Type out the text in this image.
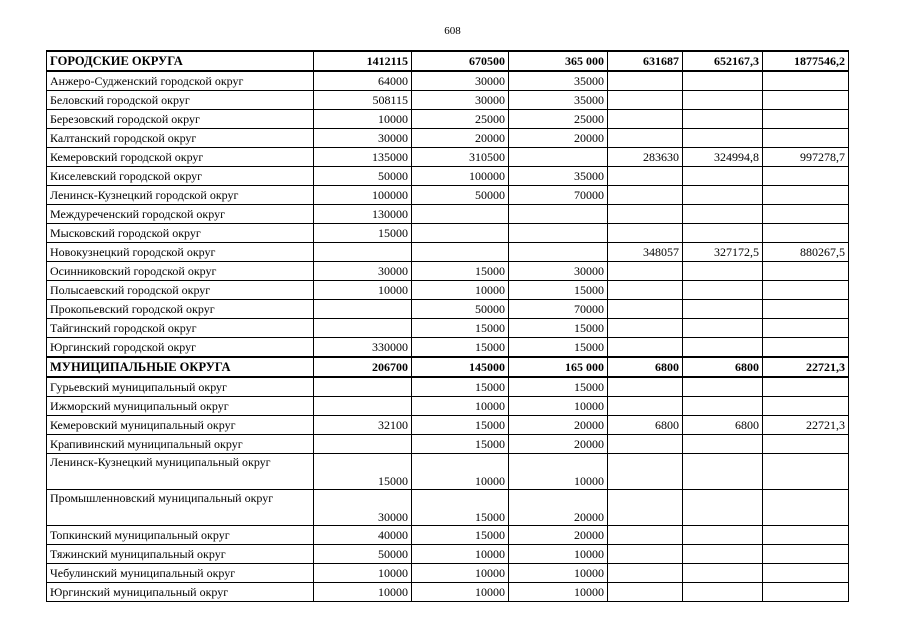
608
ГОРОДСКИЕ ОКРУГА	1412115	670500	365 000	631687	652167,3	1877546,2
Анжеро-Судженский городской округ	64000	30000	35000			
Беловский городской округ	508115	30000	35000			
Березовский городской округ	10000	25000	25000			
Калтанский городской округ	30000	20000	20000			
Кемеровский городской округ	135000	310500		283630	324994,8	997278,7
Киселевский городской округ	50000	100000	35000			
Ленинск-Кузнецкий городской округ	100000	50000	70000			
Междуреченский городской округ	130000					
Мысковский городской округ	15000					
Новокузнецкий городской округ				348057	327172,5	880267,5
Осинниковский городской округ	30000	15000	30000			
Полысаевский городской округ	10000	10000	15000			
Прокопьевский городской округ		50000	70000			
Тайгинский городской округ		15000	15000			
Юргинский городской округ	330000	15000	15000			
МУНИЦИПАЛЬНЫЕ ОКРУГА	206700	145000	165 000	6800	6800	22721,3
Гурьевский муниципальный округ		15000	15000			
Ижморский муниципальный округ		10000	10000			
Кемеровский муниципальный округ	32100	15000	20000	6800	6800	22721,3
Крапивинский муниципальный округ		15000	20000			
Ленинск-Кузнецкий муниципальный округ	15000	10000	10000			
Промышленновский муниципальный округ	30000	15000	20000			
Топкинский муниципальный округ	40000	15000	20000			
Тяжинский муниципальный округ	50000	10000	10000			
Чебулинский муниципальный округ	10000	10000	10000			
Юргинский муниципальный округ	10000	10000	10000			
